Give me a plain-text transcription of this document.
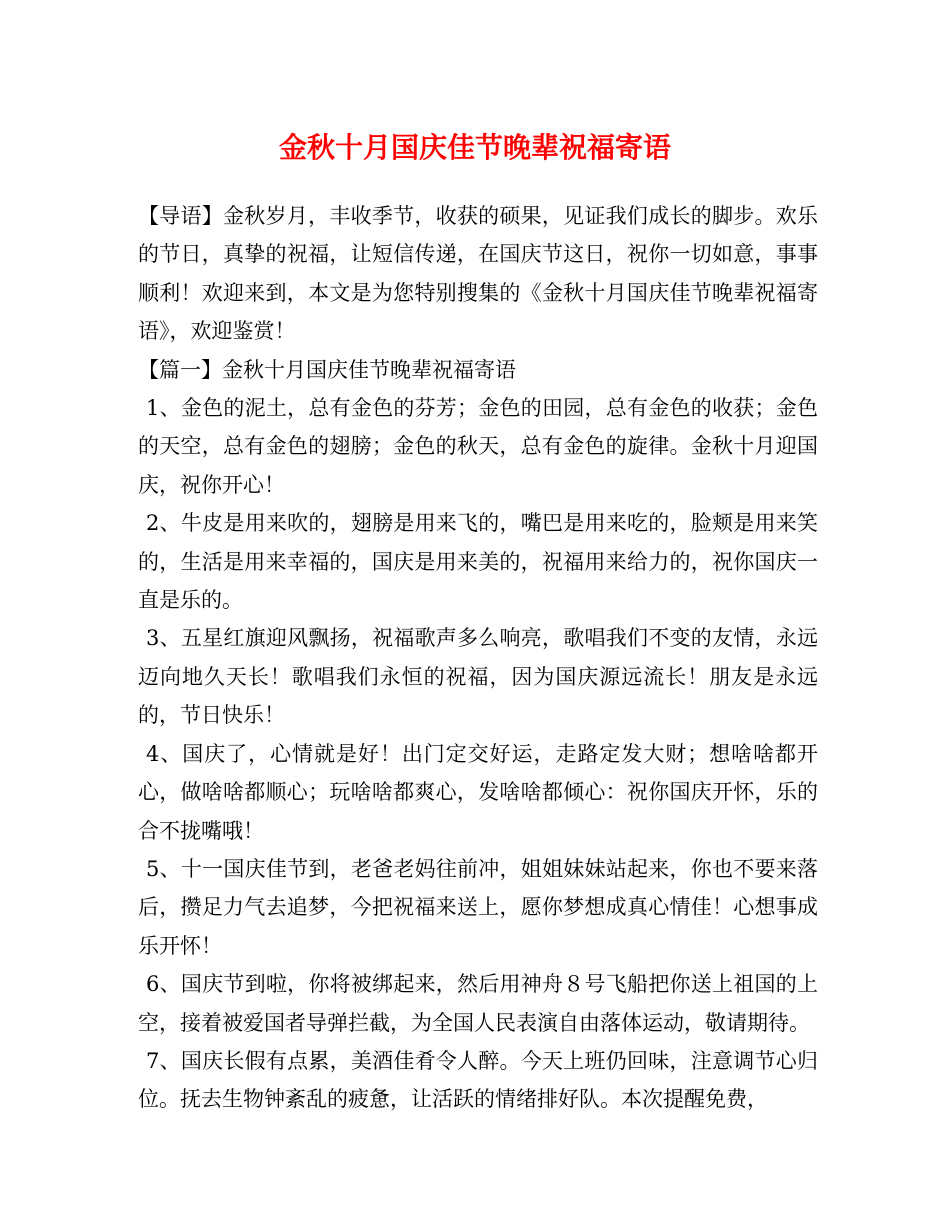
金秋十月国庆佳节晚辈祝福寄语

【导语】金秋岁月，丰收季节，收获的硕果，见证我们成长的脚步。欢乐的节日，真挚的祝福，让短信传递，在国庆节这日，祝你一切如意，事事顺利！欢迎来到，本文是为您特别搜集的《金秋十月国庆佳节晚辈祝福寄语》，欢迎鉴赏！

【篇一】金秋十月国庆佳节晚辈祝福寄语

1、金色的泥土，总有金色的芬芳；金色的田园，总有金色的收获；金色的天空，总有金色的翅膀；金色的秋天，总有金色的旋律。金秋十月迎国庆，祝你开心！

2、牛皮是用来吹的，翅膀是用来飞的，嘴巴是用来吃的，脸颊是用来笑的，生活是用来幸福的，国庆是用来美的，祝福用来给力的，祝你国庆一直是乐的。

3、五星红旗迎风飘扬，祝福歌声多么响亮，歌唱我们不变的友情，永远迈向地久天长！歌唱我们永恒的祝福，因为国庆源远流长！朋友是永远的，节日快乐！

4、国庆了，心情就是好！出门定交好运，走路定发大财；想啥啥都开心，做啥啥都顺心；玩啥啥都爽心，发啥啥都倾心：祝你国庆开怀，乐的合不拢嘴哦！

5、十一国庆佳节到，老爸老妈往前冲，姐姐妹妹站起来，你也不要来落后，攒足力气去追梦，今把祝福来送上，愿你梦想成真心情佳！心想事成乐开怀！

6、国庆节到啦，你将被绑起来，然后用神舟８号飞船把你送上祖国的上空，接着被爱国者导弹拦截，为全国人民表演自由落体运动，敬请期待。

7、国庆长假有点累，美酒佳肴令人醉。今天上班仍回味，注意调节心归位。抚去生物钟紊乱的疲惫，让活跃的情绪排好队。本次提醒免费，
